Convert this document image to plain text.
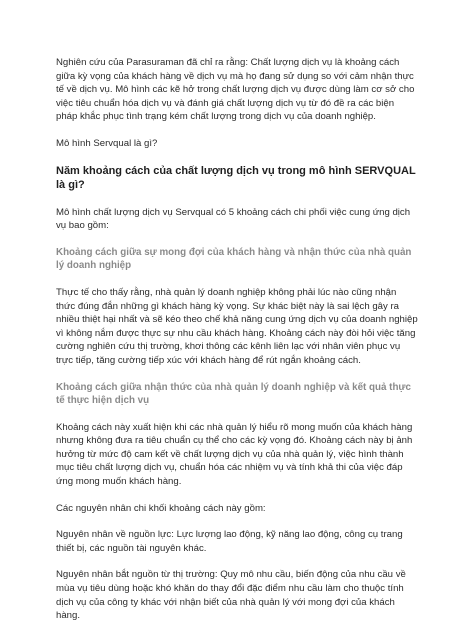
Nghiên cứu của Parasuraman đã chỉ ra rằng: Chất lượng dịch vụ là khoảng cách giữa kỳ vọng của khách hàng về dịch vụ mà họ đang sử dụng so với cảm nhận thực tế về dịch vụ. Mô hình các kẽ hở trong chất lượng dịch vụ được dùng làm cơ sở cho việc tiêu chuẩn hóa dịch vụ và đánh giá chất lượng dịch vụ từ đó đề ra các biện pháp khắc phục tình trạng kém chất lượng trong dịch vụ của doanh nghiệp.

Mô hình Servqual là gì?

Năm khoảng cách của chất lượng dịch vụ trong mô hình SERVQUAL là gì?

Mô hình chất lượng dịch vụ Servqual có 5 khoảng cách chi phối việc cung ứng dịch vụ bao gồm:

Khoảng cách giữa sự mong đợi của khách hàng và nhận thức của nhà quản lý doanh nghiệp

Thực tế cho thấy rằng, nhà quản lý doanh nghiệp không phải lúc nào cũng nhận thức đúng đắn những gì khách hàng kỳ vọng. Sự khác biệt này là sai lệch gây ra nhiều thiệt hại nhất và sẽ kéo theo chế khả năng cung ứng dịch vụ của doanh nghiệp vì không nắm được thực sự nhu cầu khách hàng. Khoảng cách này đòi hỏi việc tăng cường nghiên cứu thị trường, khơi thông các kênh liên lạc với nhân viên phục vụ trực tiếp, tăng cường tiếp xúc với khách hàng để rút ngắn khoảng cách.

Khoảng cách giữa nhận thức của nhà quản lý doanh nghiệp và kết quả thực tế thực hiện dịch vụ

Khoảng cách này xuất hiện khi các nhà quản lý hiểu rõ mong muốn của khách hàng nhưng không đưa ra tiêu chuẩn cụ thể cho các kỳ vọng đó. Khoảng cách này bị ảnh hưởng từ mức độ cam kết về chất lượng dịch vụ của nhà quản lý, việc hình thành mục tiêu chất lượng dịch vụ, chuẩn hóa các nhiệm vụ và tính khả thi của việc đáp ứng mong muốn khách hàng.

Các nguyên nhân chi khối khoảng cách này gồm:

Nguyên nhân về nguồn lực: Lực lượng lao động, kỹ năng lao động, công cụ trang thiết bị, các nguồn tài nguyên khác.

Nguyên nhân bắt nguồn từ thị trường: Quy mô nhu cầu, biến động của nhu cầu về mùa vụ tiêu dùng hoặc khó khăn do thay đổi đặc điểm nhu cầu làm cho thuộc tính dịch vụ của công ty khác với nhận biết của nhà quản lý với mong đợi của khách hàng.
